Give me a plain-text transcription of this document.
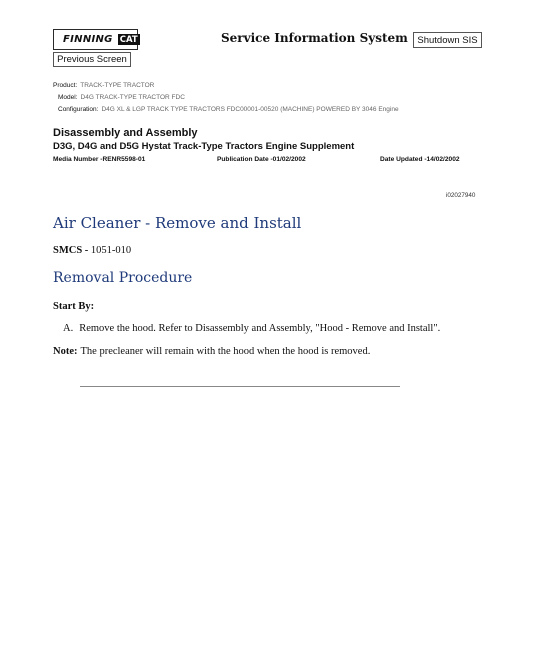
FINNING CAT	Service Information System	Shutdown SIS
Previous Screen
Product: TRACK-TYPE TRACTOR
Model: D4G TRACK-TYPE TRACTOR FDC
Configuration: D4G XL & LGP TRACK TYPE TRACTORS FDC00001-00520 (MACHINE) POWERED BY 3046 Engine
Disassembly and Assembly
D3G, D4G and D5G Hystat Track-Type Tractors Engine Supplement
Media Number -RENR5598-01	Publication Date -01/02/2002	Date Updated -14/02/2002
i02027940
Air Cleaner - Remove and Install
SMCS - 1051-010
Removal Procedure
Start By:
A. Remove the hood. Refer to Disassembly and Assembly, "Hood - Remove and Install".
Note: The precleaner will remain with the hood when the hood is removed.
